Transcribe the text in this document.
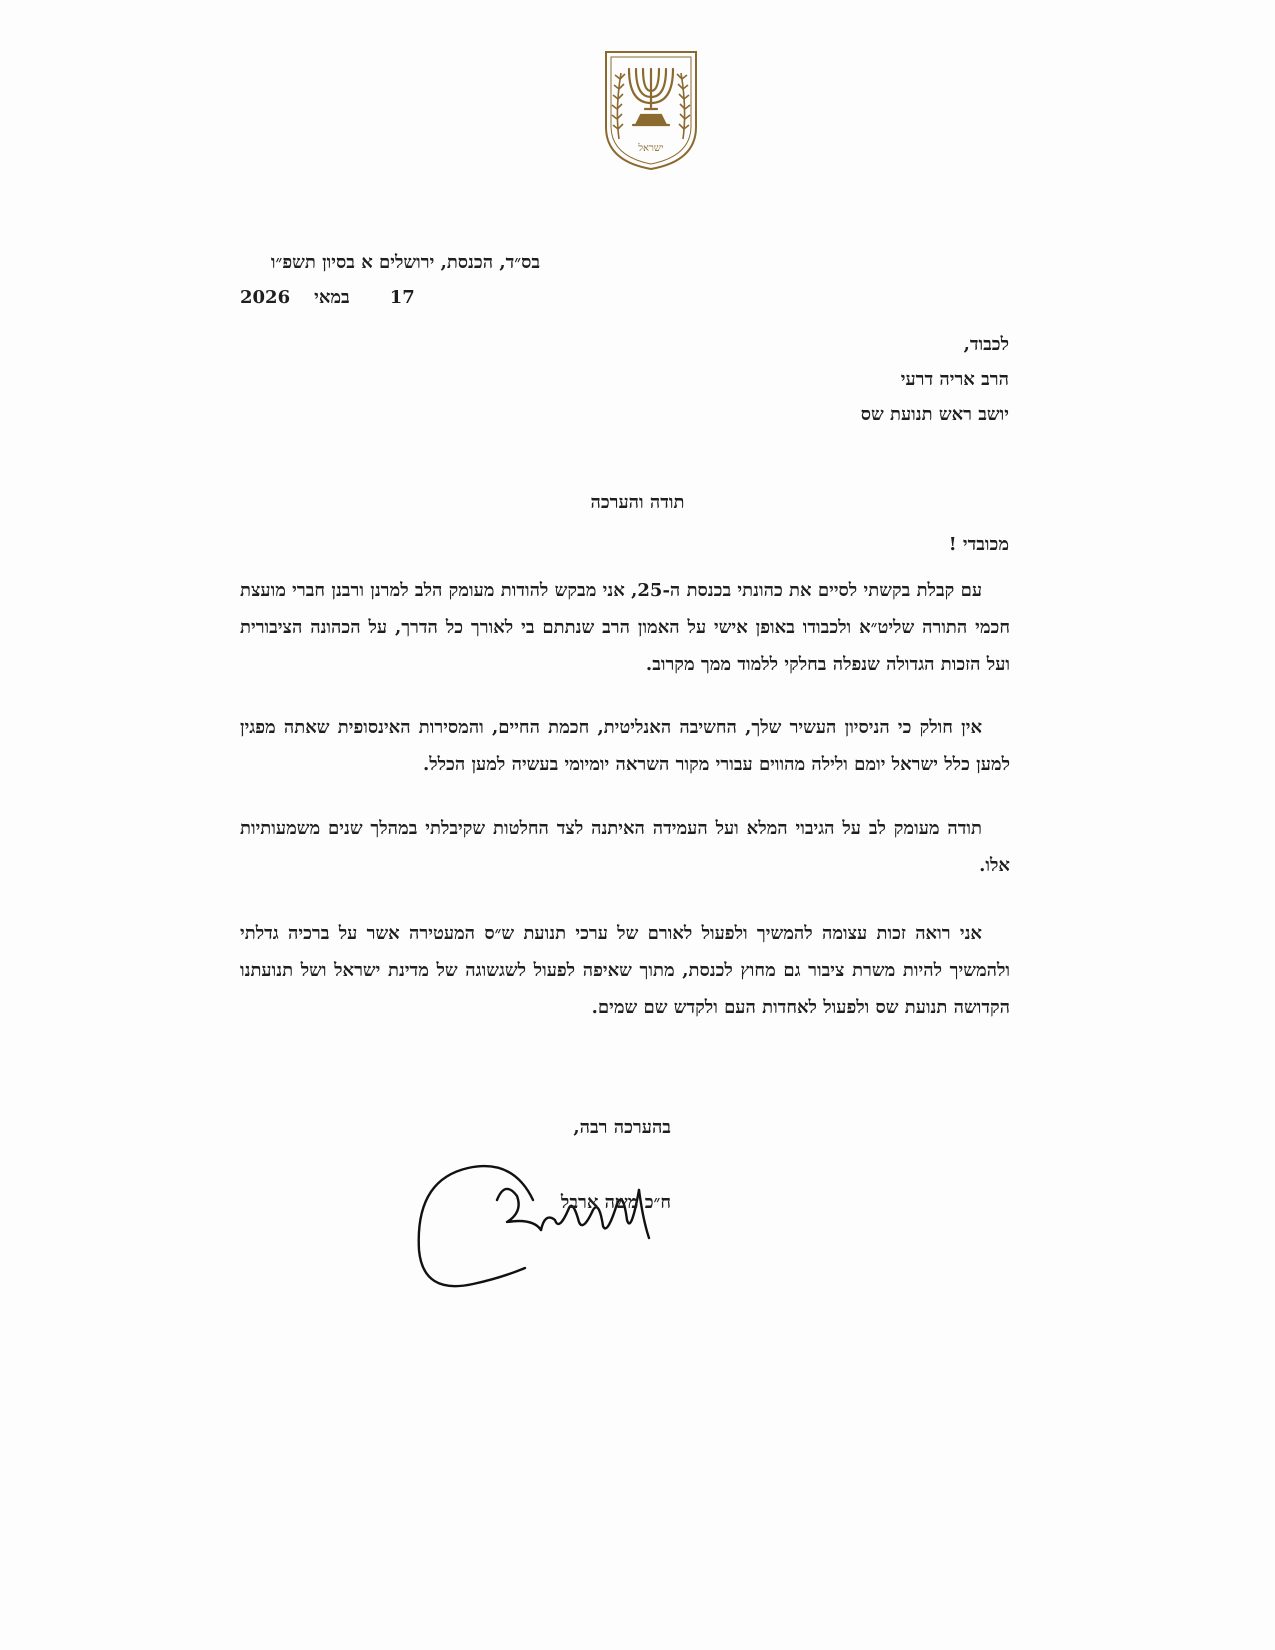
ישראל
בס״ד, הכנסת, ירושלים א בסיון תשפ״ו
2026 במאי 17
לכבוד,
הרב אריה דרעי
יושב ראש תנועת שס
תודה והערכה
מכובדי !
עם קבלת בקשתי לסיים את כהונתי בכנסת ה-25, אני מבקש להודות מעומק הלב למרנן ורבנן חברי מועצת חכמי התורה שליט״א ולכבודו באופן אישי על האמון הרב שנתתם בי לאורך כל הדרך, על הכהונה הציבורית ועל הזכות הגדולה שנפלה בחלקי ללמוד ממך מקרוב.
אין חולק כי הניסיון העשיר שלך, החשיבה האנליטית, חכמת החיים, והמסירות האינסופית שאתה מפגין למען כלל ישראל יומם ולילה מהווים עבורי מקור השראה יומיומי בעשיה למען הכלל.
תודה מעומק לב על הגיבוי המלא ועל העמידה האיתנה לצד החלטות שקיבלתי במהלך שנים משמעותיות אלו.
אני רואה זכות עצומה להמשיך ולפעול לאורם של ערכי תנועת ש״ס המעטירה אשר על ברכיה גדלתי ולהמשיך להיות משרת ציבור גם מחוץ לכנסת, מתוך שאיפה לפעול לשגשוגה של מדינת ישראל ושל תנועתנו הקדושה תנועת שס ולפעול לאחדות העם ולקדש שם שמים.
בהערכה רבה,
ח״כ משה ארבל
